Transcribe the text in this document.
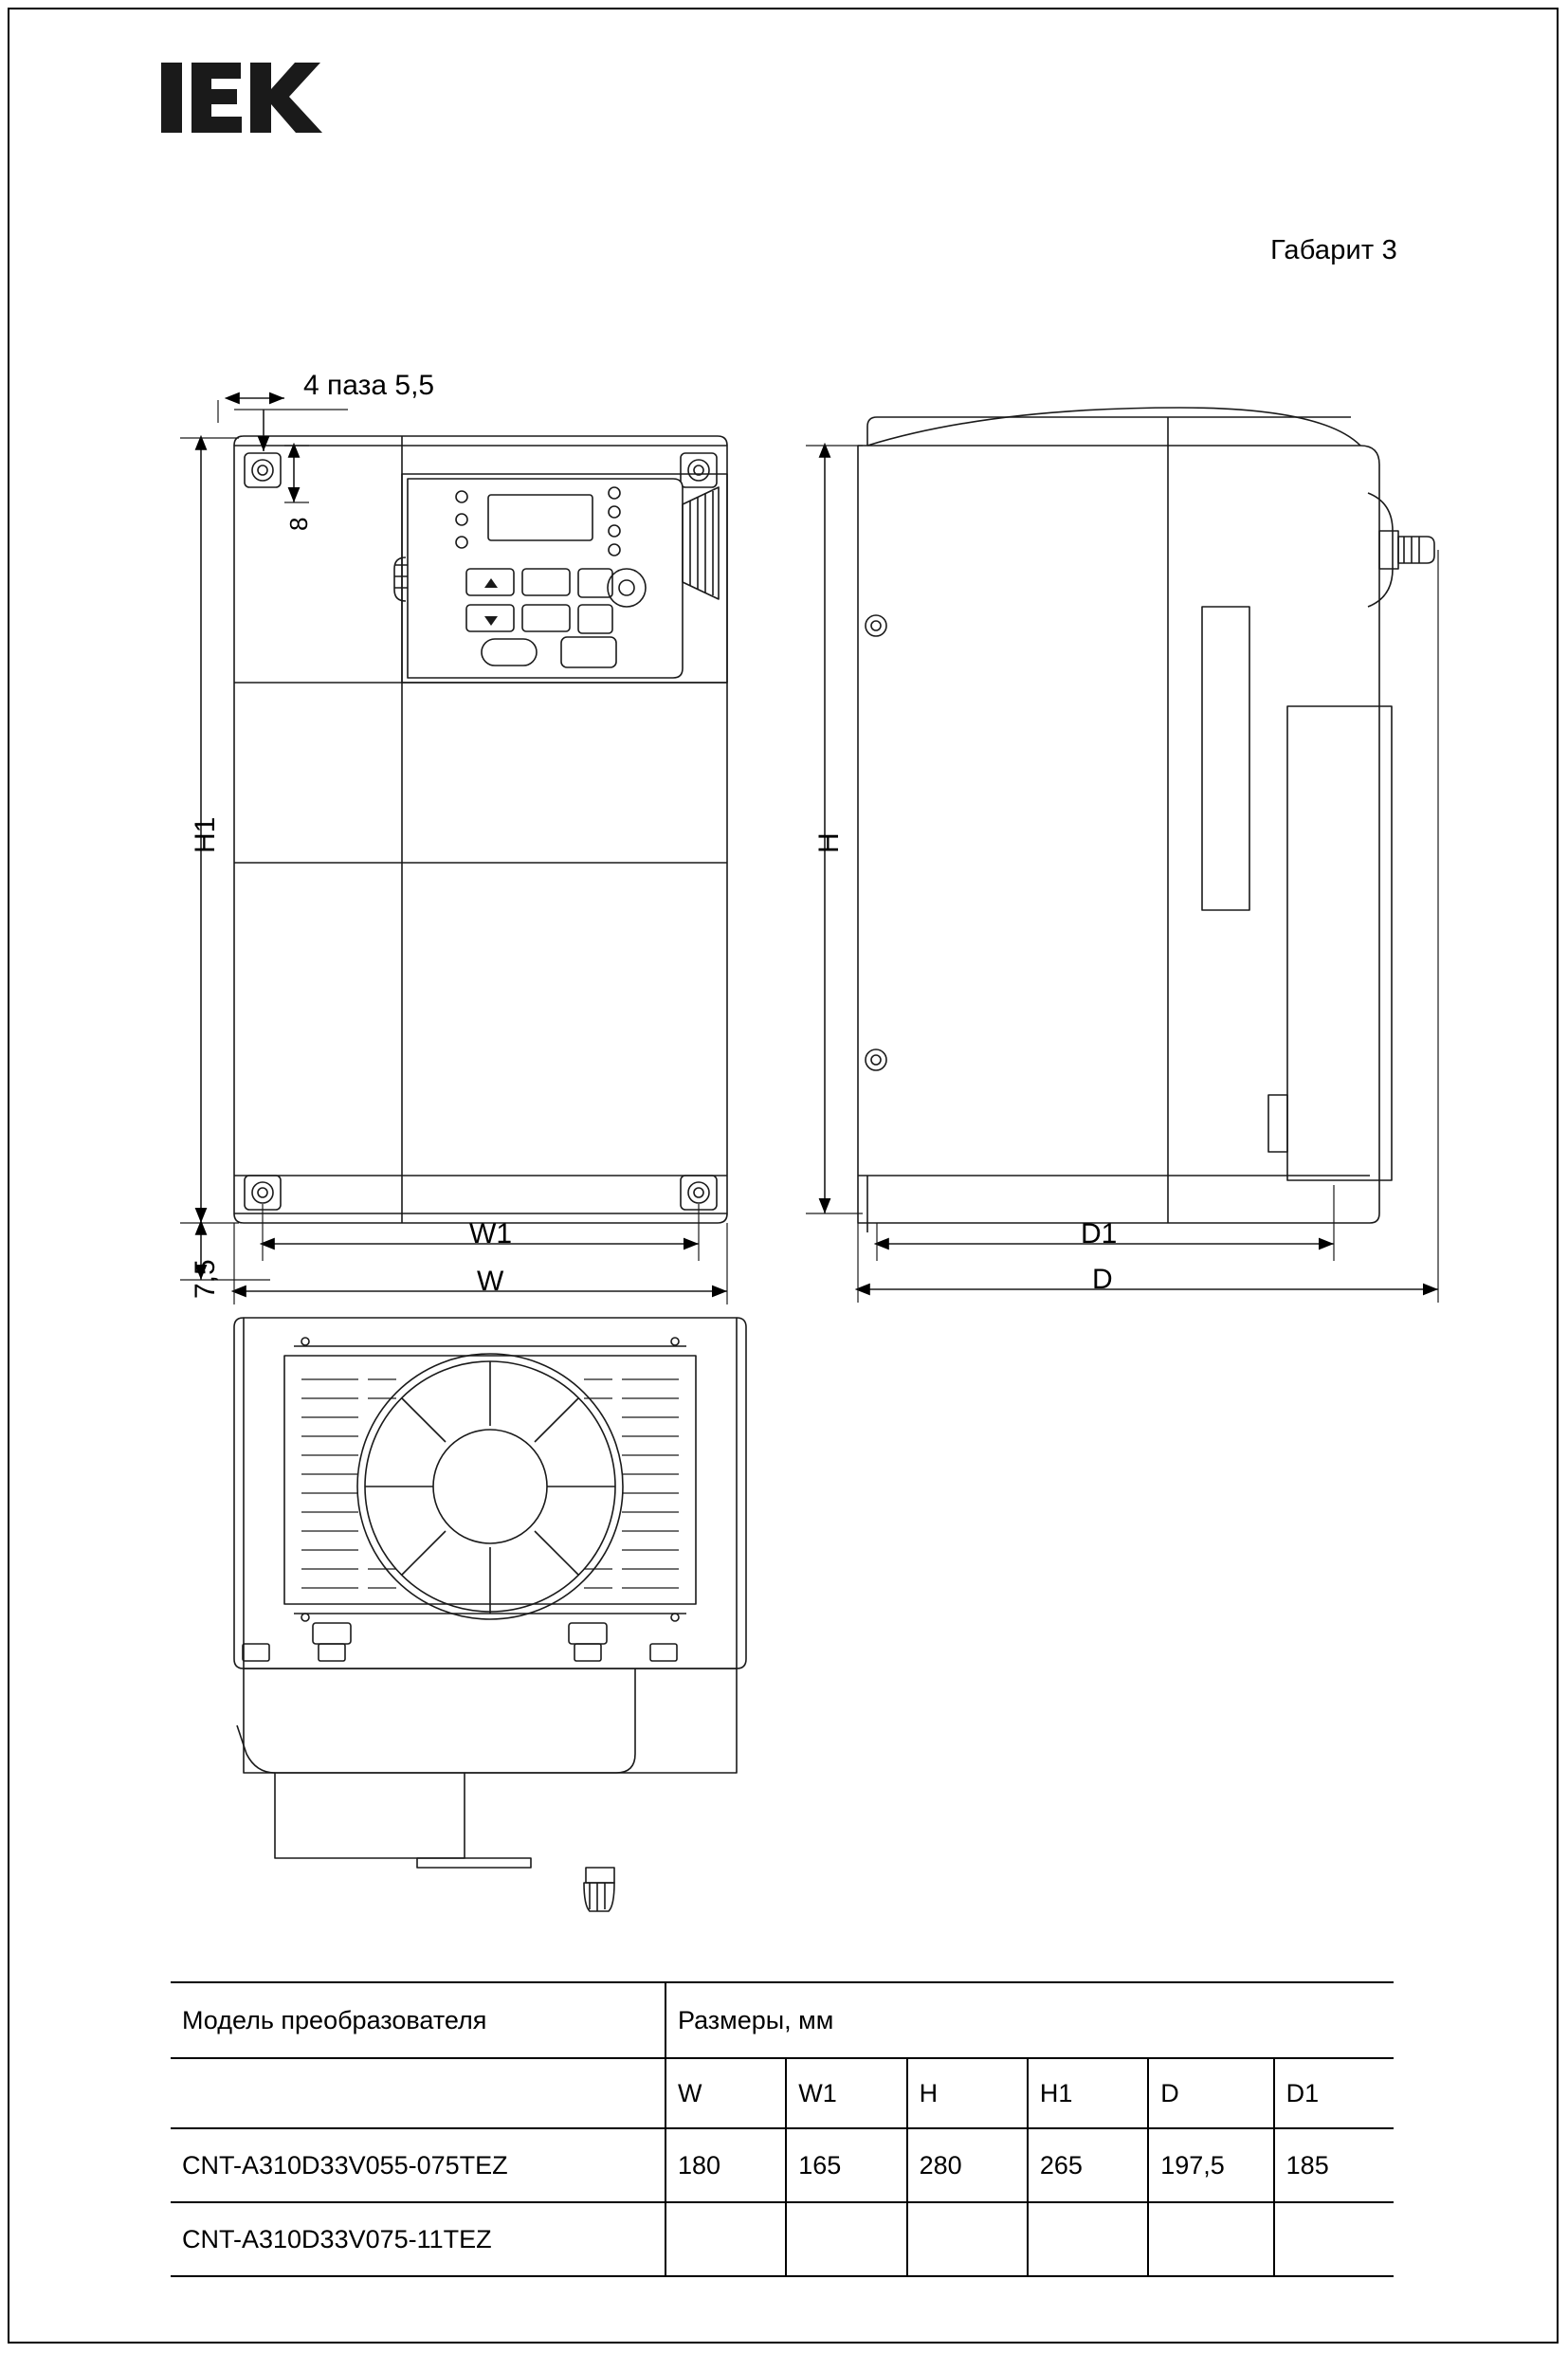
Габарит 3
4 паза 5,5
8
H1
7,5
W1
W
H
D1
D
Модель преобразователя	Размеры, мм					
	W	W1	H	H1	D	D1
CNT-A310D33V055-075TEZ	180	165	280	265	197,5	185
CNT-A310D33V075-11TEZ						
